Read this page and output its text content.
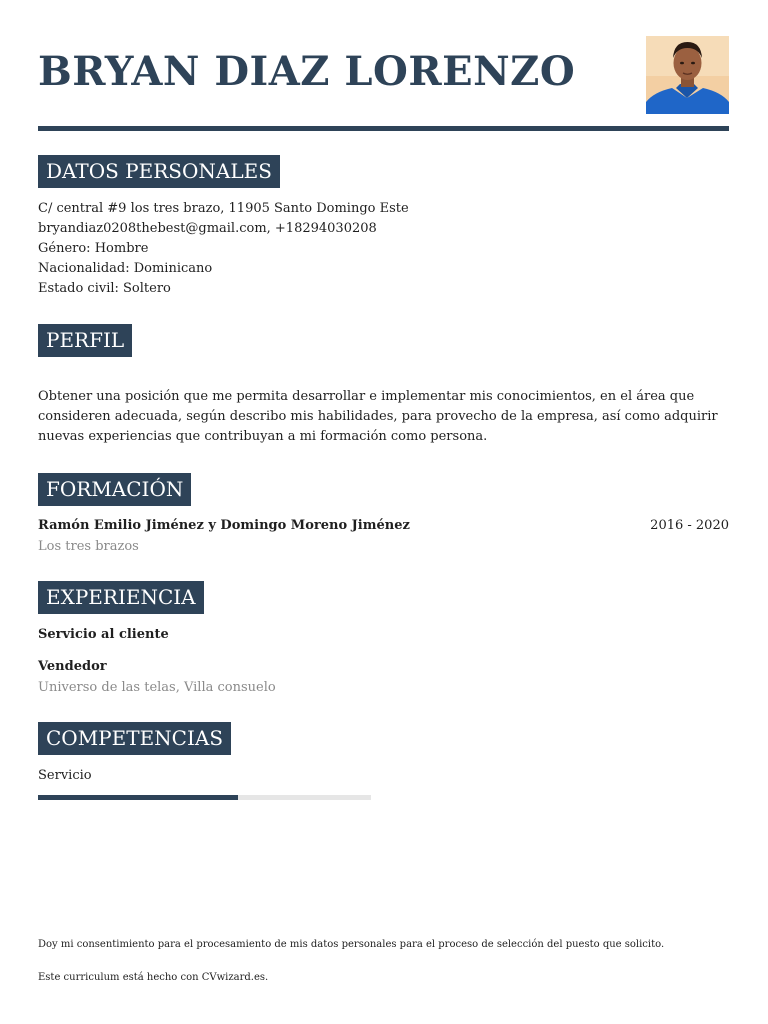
BRYAN DIAZ LORENZO
DATOS PERSONALES
C/ central #9 los tres brazo, 11905 Santo Domingo Este
bryandiaz0208thebest@gmail.com, +18294030208
Género: Hombre
Nacionalidad: Dominicano
Estado civil: Soltero
PERFIL
Obtener una posición que me permita desarrollar e implementar mis conocimientos, en el área que consideren adecuada, según describo mis habilidades, para provecho de la empresa, así como adquirir nuevas experiencias que contribuyan a mi formación como persona.
FORMACIÓN
Ramón Emilio Jiménez y Domingo Moreno Jiménez	2016 - 2020
Los tres brazos
EXPERIENCIA
Servicio al cliente
Vendedor
Universo de las telas, Villa consuelo
COMPETENCIAS
Servicio
Doy mi consentimiento para el procesamiento de mis datos personales para el proceso de selección del puesto que solicito.
Este curriculum está hecho con CVwizard.es.
